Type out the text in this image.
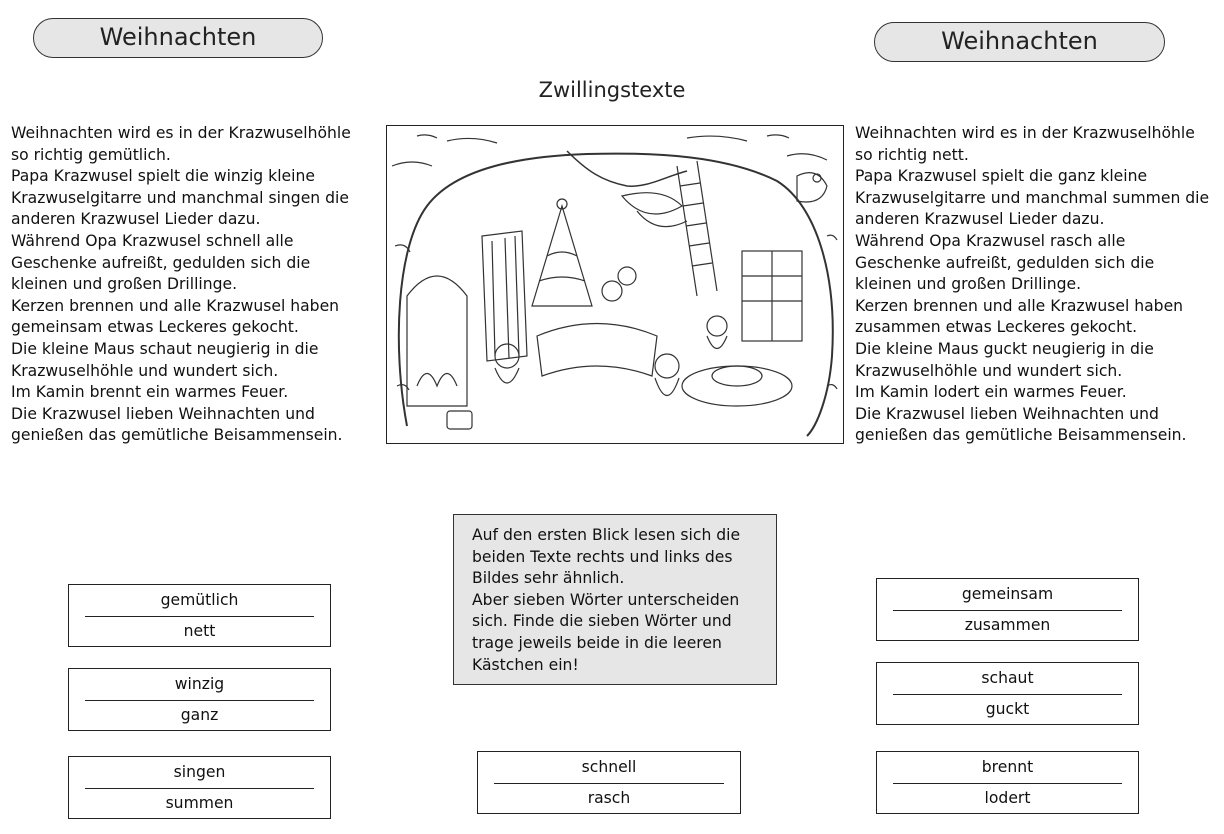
Weihnachten	Weihnachten
Zwillingstexte
Weihnachten wird es in der Krazwuselhöhle
so richtig gemütlich.
Papa Krazwusel spielt die winzig kleine
Krazwuselgitarre und manchmal singen die
anderen Krazwusel Lieder dazu.
Während Opa Krazwusel schnell alle
Geschenke aufreißt, gedulden sich die
kleinen und großen Drillinge.
Kerzen brennen und alle Krazwusel haben
gemeinsam etwas Leckeres gekocht.
Die kleine Maus schaut neugierig in die
Krazwuselhöhle und wundert sich.
Im Kamin brennt ein warmes Feuer.
Die Krazwusel lieben Weihnachten und
genießen das gemütliche Beisammensein.
Weihnachten wird es in der Krazwuselhöhle
so richtig nett.
Papa Krazwusel spielt die ganz kleine
Krazwuselgitarre und manchmal summen die
anderen Krazwusel Lieder dazu.
Während Opa Krazwusel rasch alle
Geschenke aufreißt, gedulden sich die
kleinen und großen Drillinge.
Kerzen brennen und alle Krazwusel haben
zusammen etwas Leckeres gekocht.
Die kleine Maus guckt neugierig in die
Krazwuselhöhle und wundert sich.
Im Kamin lodert ein warmes Feuer.
Die Krazwusel lieben Weihnachten und
genießen das gemütliche Beisammensein.
Auf den ersten Blick lesen sich die
beiden Texte rechts und links des
Bildes sehr ähnlich.
Aber sieben Wörter unterscheiden
sich. Finde die sieben Wörter und
trage jeweils beide in die leeren
Kästchen ein!
gemütlich
nett
winzig
ganz
singen
summen
schnell
rasch
gemeinsam
zusammen
schaut
guckt
brennt
lodert
